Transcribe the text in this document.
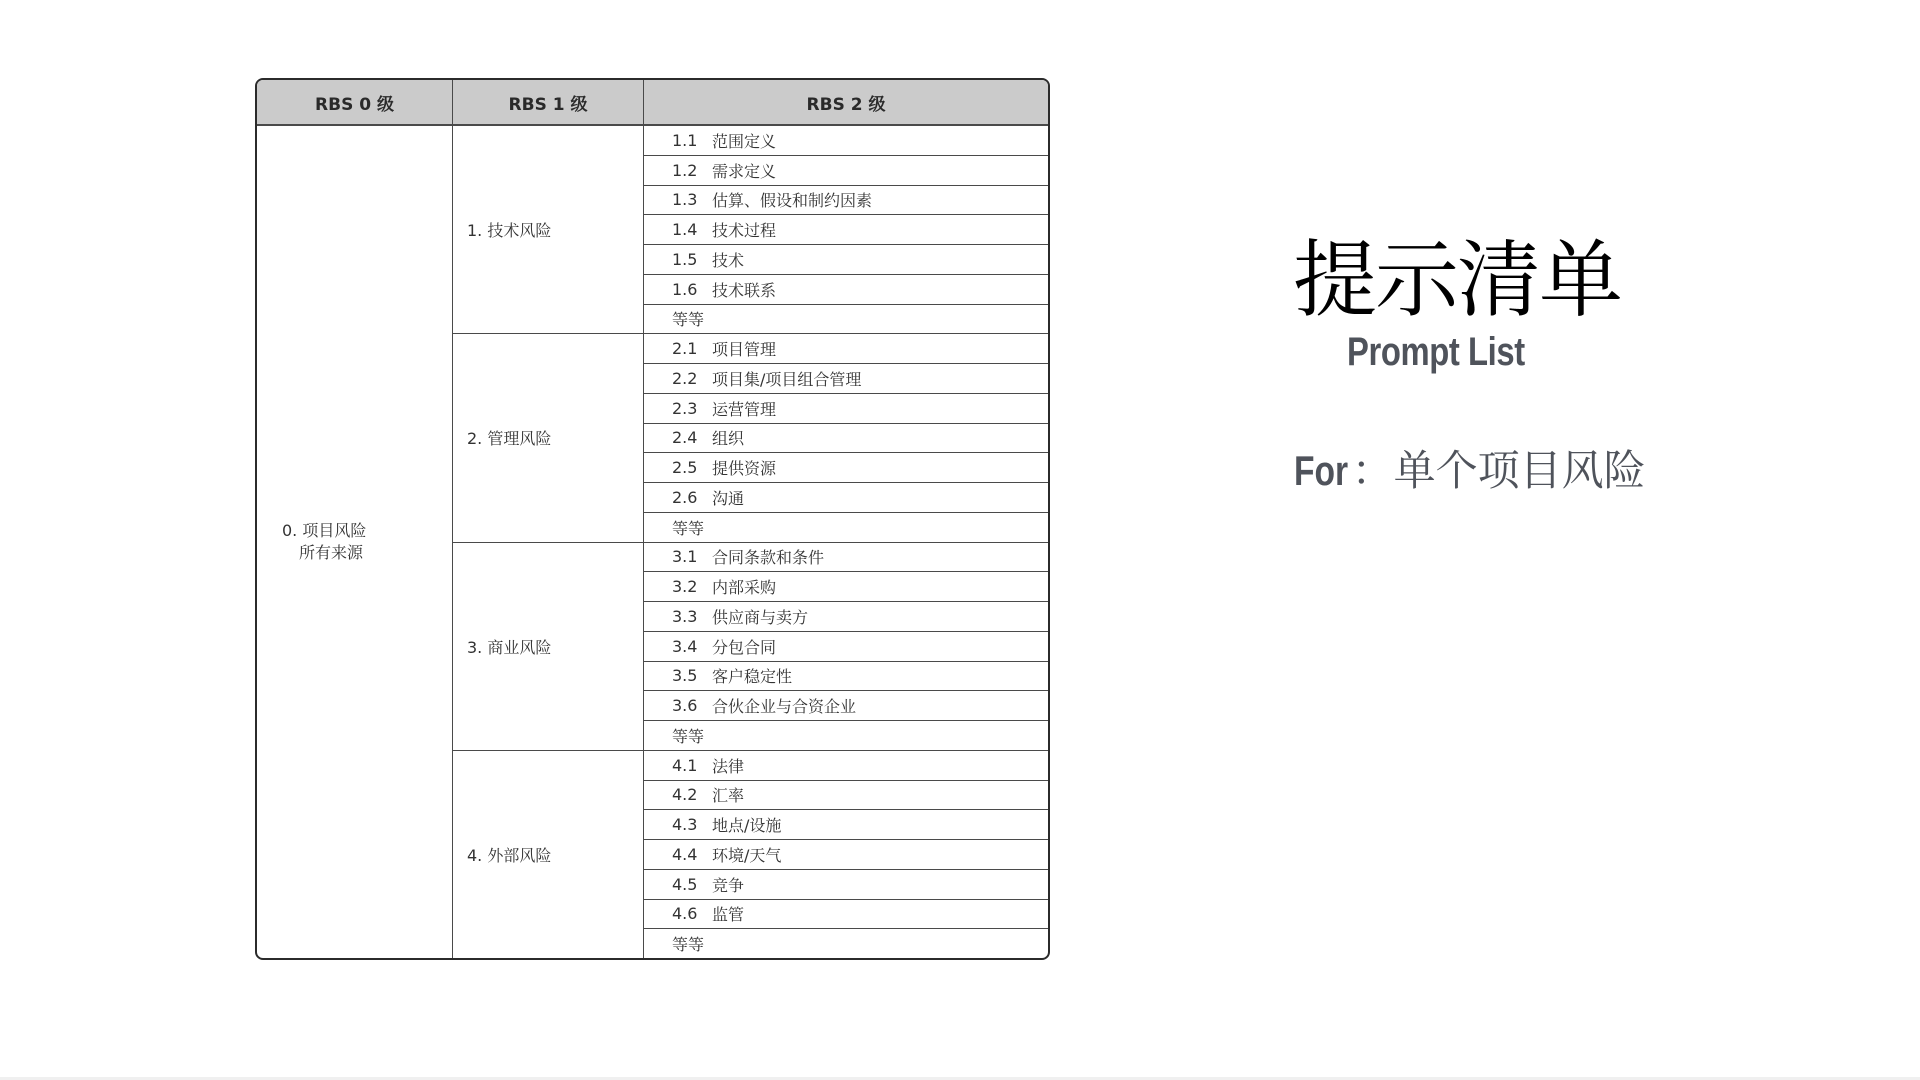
RBS 0 级	RBS 1 级	RBS 2 级
0. 项目风险
所有来源
1. 技术风险
2. 管理风险
3. 商业风险
4. 外部风险
1.1 范围定义
1.2 需求定义
1.3 估算、假设和制约因素
1.4 技术过程
1.5 技术
1.6 技术联系
等等
2.1 项目管理
2.2 项目集/项目组合管理
2.3 运营管理
2.4 组织
2.5 提供资源
2.6 沟通
等等
3.1 合同条款和条件
3.2 内部采购
3.3 供应商与卖方
3.4 分包合同
3.5 客户稳定性
3.6 合伙企业与合资企业
等等
4.1 法律
4.2 汇率
4.3 地点/设施
4.4 环境/天气
4.5 竞争
4.6 监管
等等
提示清单
Prompt List
For：单个项目风险
